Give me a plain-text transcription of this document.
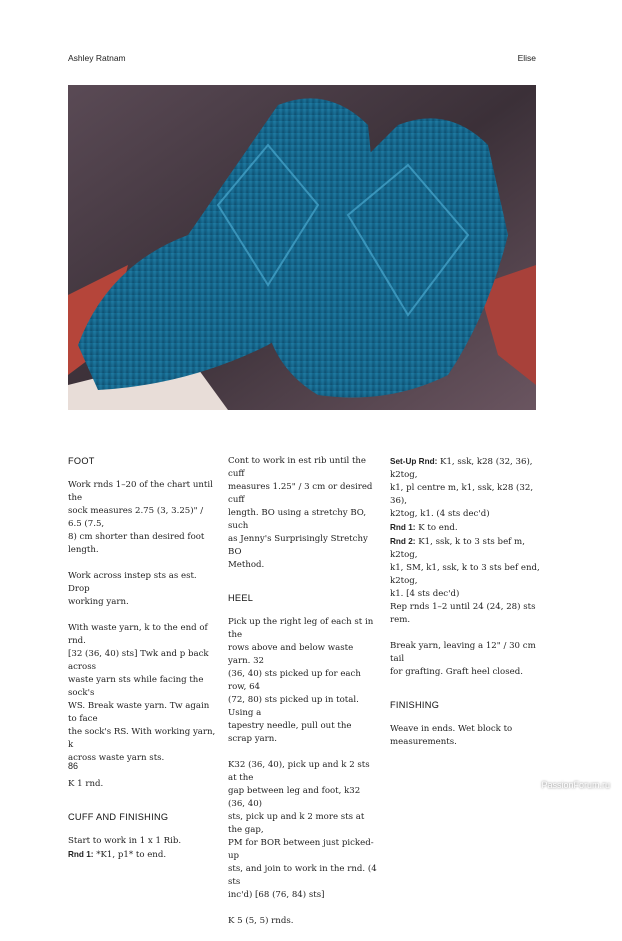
Ashley Ratnam	Elise
FOOT
Work rnds 1–20 of the chart until the
sock measures 2.75 (3, 3.25)" / 6.5 (7.5,
8) cm shorter than desired foot length.
Work across instep sts as est. Drop
working yarn.
With waste yarn, k to the end of rnd.
[32 (36, 40) sts] Twk and p back across
waste yarn sts while facing the sock's
WS. Break waste yarn. Tw again to face
the sock's RS. With working yarn, k
across waste yarn sts.
K 1 rnd.
CUFF AND FINISHING
Start to work in 1 x 1 Rib.
Rnd 1: *K1, p1* to end.
Cont to work in est rib until the cuff
measures 1.25" / 3 cm or desired cuff
length. BO using a stretchy BO, such
as Jenny's Surprisingly Stretchy BO
Method.
HEEL
Pick up the right leg of each st in the
rows above and below waste yarn. 32
(36, 40) sts picked up for each row, 64
(72, 80) sts picked up in total. Using a
tapestry needle, pull out the scrap yarn.
K32 (36, 40), pick up and k 2 sts at the
gap between leg and foot, k32 (36, 40)
sts, pick up and k 2 more sts at the gap,
PM for BOR between just picked-up
sts, and join to work in the rnd. (4 sts
inc'd) [68 (76, 84) sts]
K 5 (5, 5) rnds.
Set-Up Rnd: K1, ssk, k28 (32, 36), k2tog,
k1, pl centre m, k1, ssk, k28 (32, 36),
k2tog, k1. (4 sts dec'd)
Rnd 1: K to end.
Rnd 2: K1, ssk, k to 3 sts bef m, k2tog,
k1, SM, k1, ssk, k to 3 sts bef end, k2tog,
k1. [4 sts dec'd)
Rep rnds 1–2 until 24 (24, 28) sts rem.
Break yarn, leaving a 12" / 30 cm tail
for grafting. Graft heel closed.
FINISHING
Weave in ends. Wet block to
measurements.
86
PassionForum.ru
